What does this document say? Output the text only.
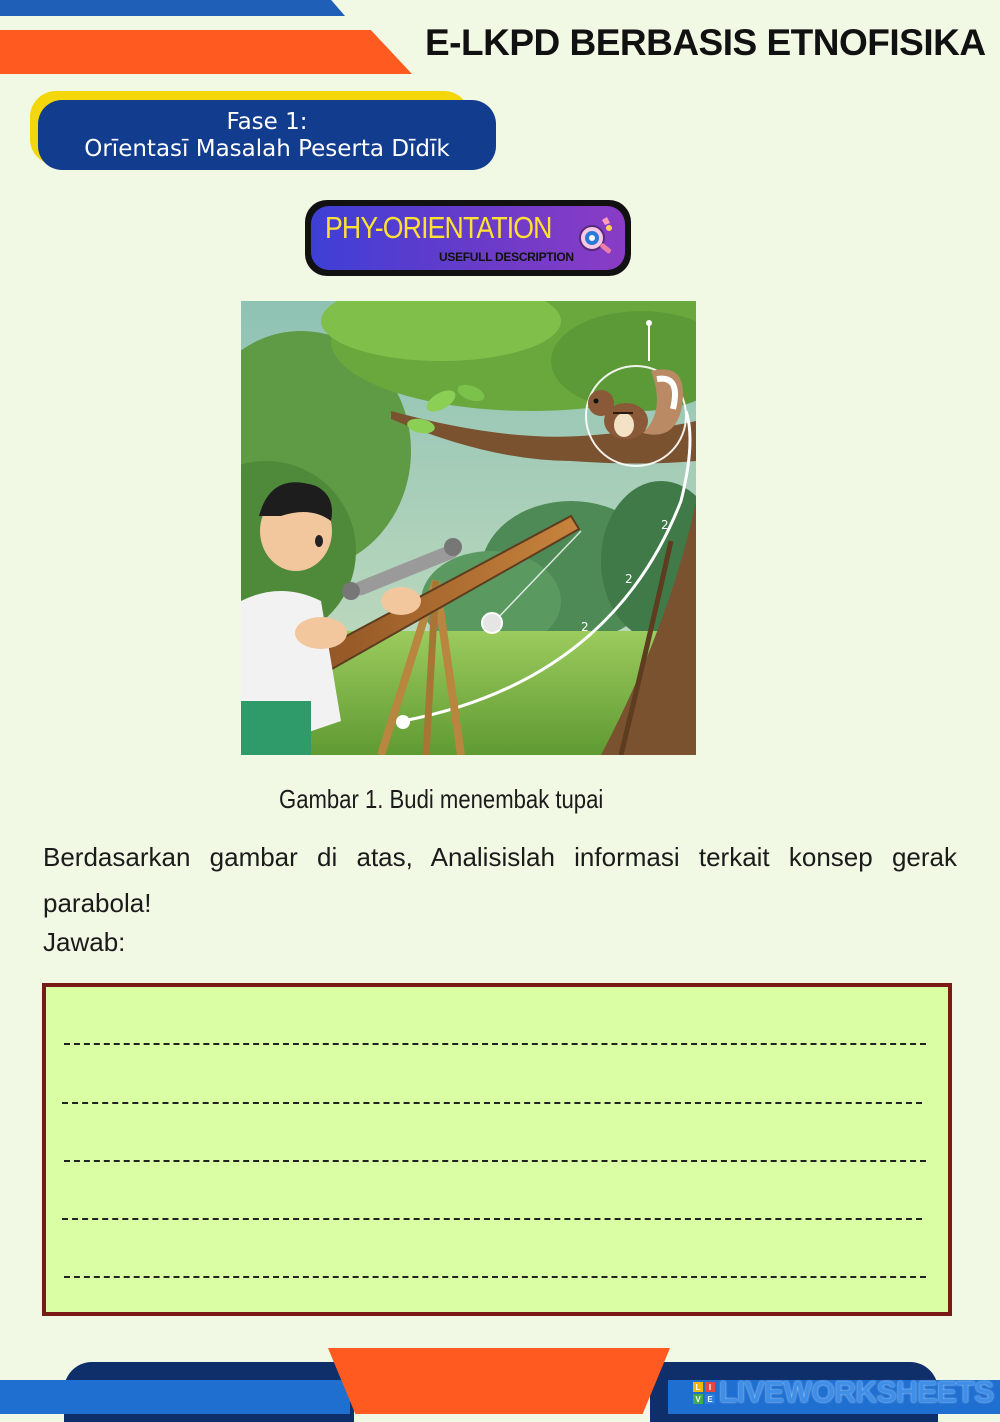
E-LKPD BERBASIS ETNOFISIKA
Fase 1:
Orīentasī Masalah Peserta Dīdīk
PHY-ORIENTATION
USEFULL DESCRIPTION
2
2
2
Gambar 1. Budi menembak tupai
Berdasarkan gambar di atas, Analisislah informasi terkait konsep gerak parabola!
Jawab:
L	I
V E LIVEWORKSHEETS
